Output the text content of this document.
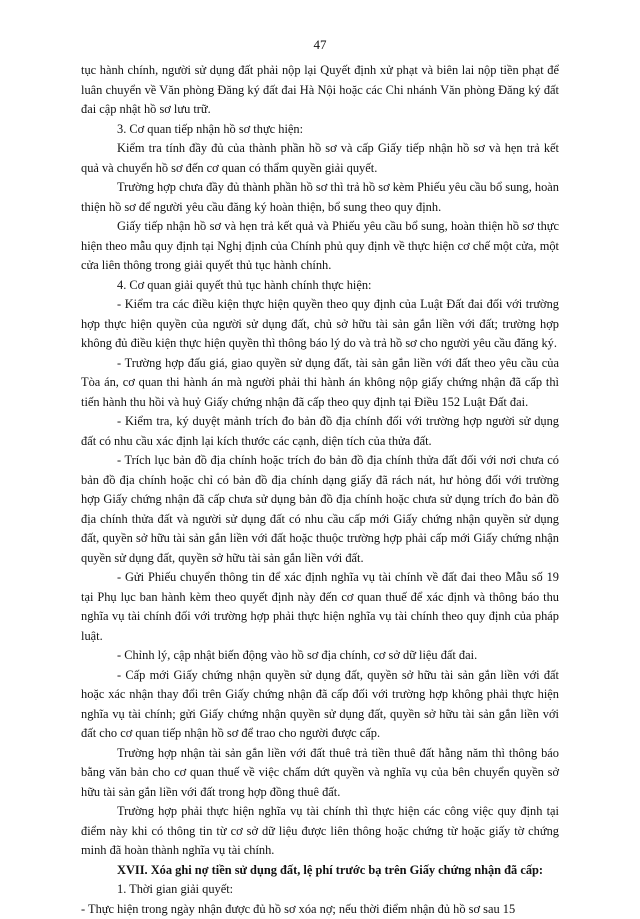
47

tục hành chính, người sử dụng đất phải nộp lại Quyết định xử phạt và biên lai nộp tiền phạt để luân chuyển về Văn phòng Đăng ký đất đai Hà Nội hoặc các Chi nhánh Văn phòng Đăng ký đất đai cập nhật hồ sơ lưu trữ.

3. Cơ quan tiếp nhận hồ sơ thực hiện:

Kiểm tra tính đầy đủ của thành phần hồ sơ và cấp Giấy tiếp nhận hồ sơ và hẹn trả kết quả và chuyển hồ sơ đến cơ quan có thẩm quyền giải quyết.

Trường hợp chưa đầy đủ thành phần hồ sơ thì trả hồ sơ kèm Phiếu yêu cầu bổ sung, hoàn thiện hồ sơ để người yêu cầu đăng ký hoàn thiện, bổ sung theo quy định.

Giấy tiếp nhận hồ sơ và hẹn trả kết quả và Phiếu yêu cầu bổ sung, hoàn thiện hồ sơ thực hiện theo mẫu quy định tại Nghị định của Chính phủ quy định về thực hiện cơ chế một cửa, một cửa liên thông trong giải quyết thủ tục hành chính.

4. Cơ quan giải quyết thủ tục hành chính thực hiện:

- Kiểm tra các điều kiện thực hiện quyền theo quy định của Luật Đất đai đối với trường hợp thực hiện quyền của người sử dụng đất, chủ sở hữu tài sản gắn liền với đất; trường hợp không đủ điều kiện thực hiện quyền thì thông báo lý do và trả hồ sơ cho người yêu cầu đăng ký.

- Trường hợp đấu giá, giao quyền sử dụng đất, tài sản gắn liền với đất theo yêu cầu của Tòa án, cơ quan thi hành án mà người phải thi hành án không nộp giấy chứng nhận đã cấp thì tiến hành thu hồi và huỷ Giấy chứng nhận đã cấp theo quy định tại Điều 152 Luật Đất đai.

- Kiểm tra, ký duyệt mảnh trích đo bản đồ địa chính đối với trường hợp người sử dụng đất có nhu cầu xác định lại kích thước các cạnh, diện tích của thửa đất.

- Trích lục bản đồ địa chính hoặc trích đo bản đồ địa chính thửa đất đối với nơi chưa có bản đồ địa chính hoặc chỉ có bản đồ địa chính dạng giấy đã rách nát, hư hỏng đối với trường hợp Giấy chứng nhận đã cấp chưa sử dụng bản đồ địa chính hoặc chưa sử dụng trích đo bản đồ địa chính thửa đất và người sử dụng đất có nhu cầu cấp mới Giấy chứng nhận quyền sử dụng đất, quyền sở hữu tài sản gắn liền với đất hoặc thuộc trường hợp phải cấp mới Giấy chứng nhận quyền sử dụng đất, quyền sở hữu tài sản gắn liền với đất.

- Gửi Phiếu chuyển thông tin để xác định nghĩa vụ tài chính về đất đai theo Mẫu số 19 tại Phụ lục ban hành kèm theo quyết định này đến cơ quan thuế để xác định và thông báo thu nghĩa vụ tài chính đối với trường hợp phải thực hiện nghĩa vụ tài chính theo quy định của pháp luật.

- Chỉnh lý, cập nhật biến động vào hồ sơ địa chính, cơ sở dữ liệu đất đai.

- Cấp mới Giấy chứng nhận quyền sử dụng đất, quyền sở hữu tài sản gắn liền với đất hoặc xác nhận thay đổi trên Giấy chứng nhận đã cấp đối với trường hợp không phải thực hiện nghĩa vụ tài chính; gửi Giấy chứng nhận quyền sử dụng đất, quyền sở hữu tài sản gắn liền với đất cho cơ quan tiếp nhận hồ sơ để trao cho người được cấp.

Trường hợp nhận tài sản gắn liền với đất thuê trả tiền thuê đất hằng năm thì thông báo bằng văn bản cho cơ quan thuế về việc chấm dứt quyền và nghĩa vụ của bên chuyển quyền sở hữu tài sản gắn liền với đất trong hợp đồng thuê đất.

Trường hợp phải thực hiện nghĩa vụ tài chính thì thực hiện các công việc quy định tại điểm này khi có thông tin từ cơ sở dữ liệu được liên thông hoặc chứng từ hoặc giấy tờ chứng minh đã hoàn thành nghĩa vụ tài chính.

XVII. Xóa ghi nợ tiền sử dụng đất, lệ phí trước bạ trên Giấy chứng nhận đã cấp:

1. Thời gian giải quyết:

- Thực hiện trong ngày nhận được đủ hồ sơ xóa nợ; nếu thời điểm nhận đủ hồ sơ sau 15
